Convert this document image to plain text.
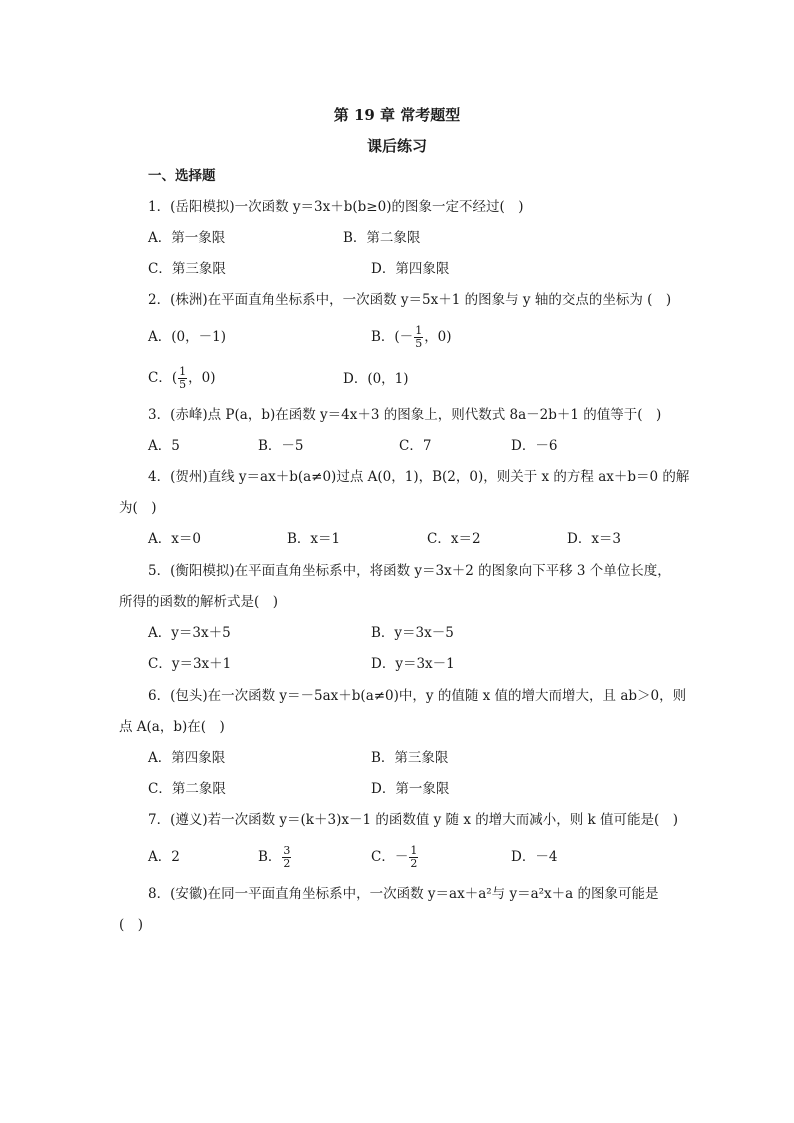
第 19 章 常考题型
课后练习
一、选择题
1．(岳阳模拟)一次函数 y＝3x＋b(b≥0)的图象一定不经过(　)
A．第一象限	B．第二象限
C．第三象限	D．第四象限
2．(株洲)在平面直角坐标系中，一次函数 y＝5x＋1 的图象与 y 轴的交点的坐标为 (　)
A．(0，－1)	B．(－ $\frac{1}{5}$ ，0)
C．( $\frac{1}{5}$ ，0)	D．(0，1)
3．(赤峰)点 P(a，b)在函数 y＝4x＋3 的图象上，则代数式 8a－2b＋1 的值等于(　)
A．5	B．－5	C．7	D．－6
4．(贺州)直线 y＝ax＋b(a≠0)过点 A(0，1)，B(2，0)，则关于 x 的方程 ax＋b＝0 的解
为(　)
A．x＝0	B．x＝1	C．x＝2	D．x＝3
5．(衡阳模拟)在平面直角坐标系中，将函数 y＝3x＋2 的图象向下平移 3 个单位长度，
所得的函数的解析式是(　)
A．y＝3x＋5	B．y＝3x－5
C．y＝3x＋1	D．y＝3x－1
6．(包头)在一次函数 y＝－5ax＋b(a≠0)中，y 的值随 x 值的增大而增大，且 ab＞0，则
点 A(a，b)在(　)
A．第四象限	B．第三象限
C．第二象限	D．第一象限
7．(遵义)若一次函数 y＝(k＋3)x－1 的函数值 y 随 x 的增大而减小，则 k 值可能是(　)
A．2	B． $\frac{3}{2}$	C．－ $\frac{1}{2}$	D．－4
8．(安徽)在同一平面直角坐标系中，一次函数 y＝ax＋a²与 y＝a²x＋a 的图象可能是
(　)
